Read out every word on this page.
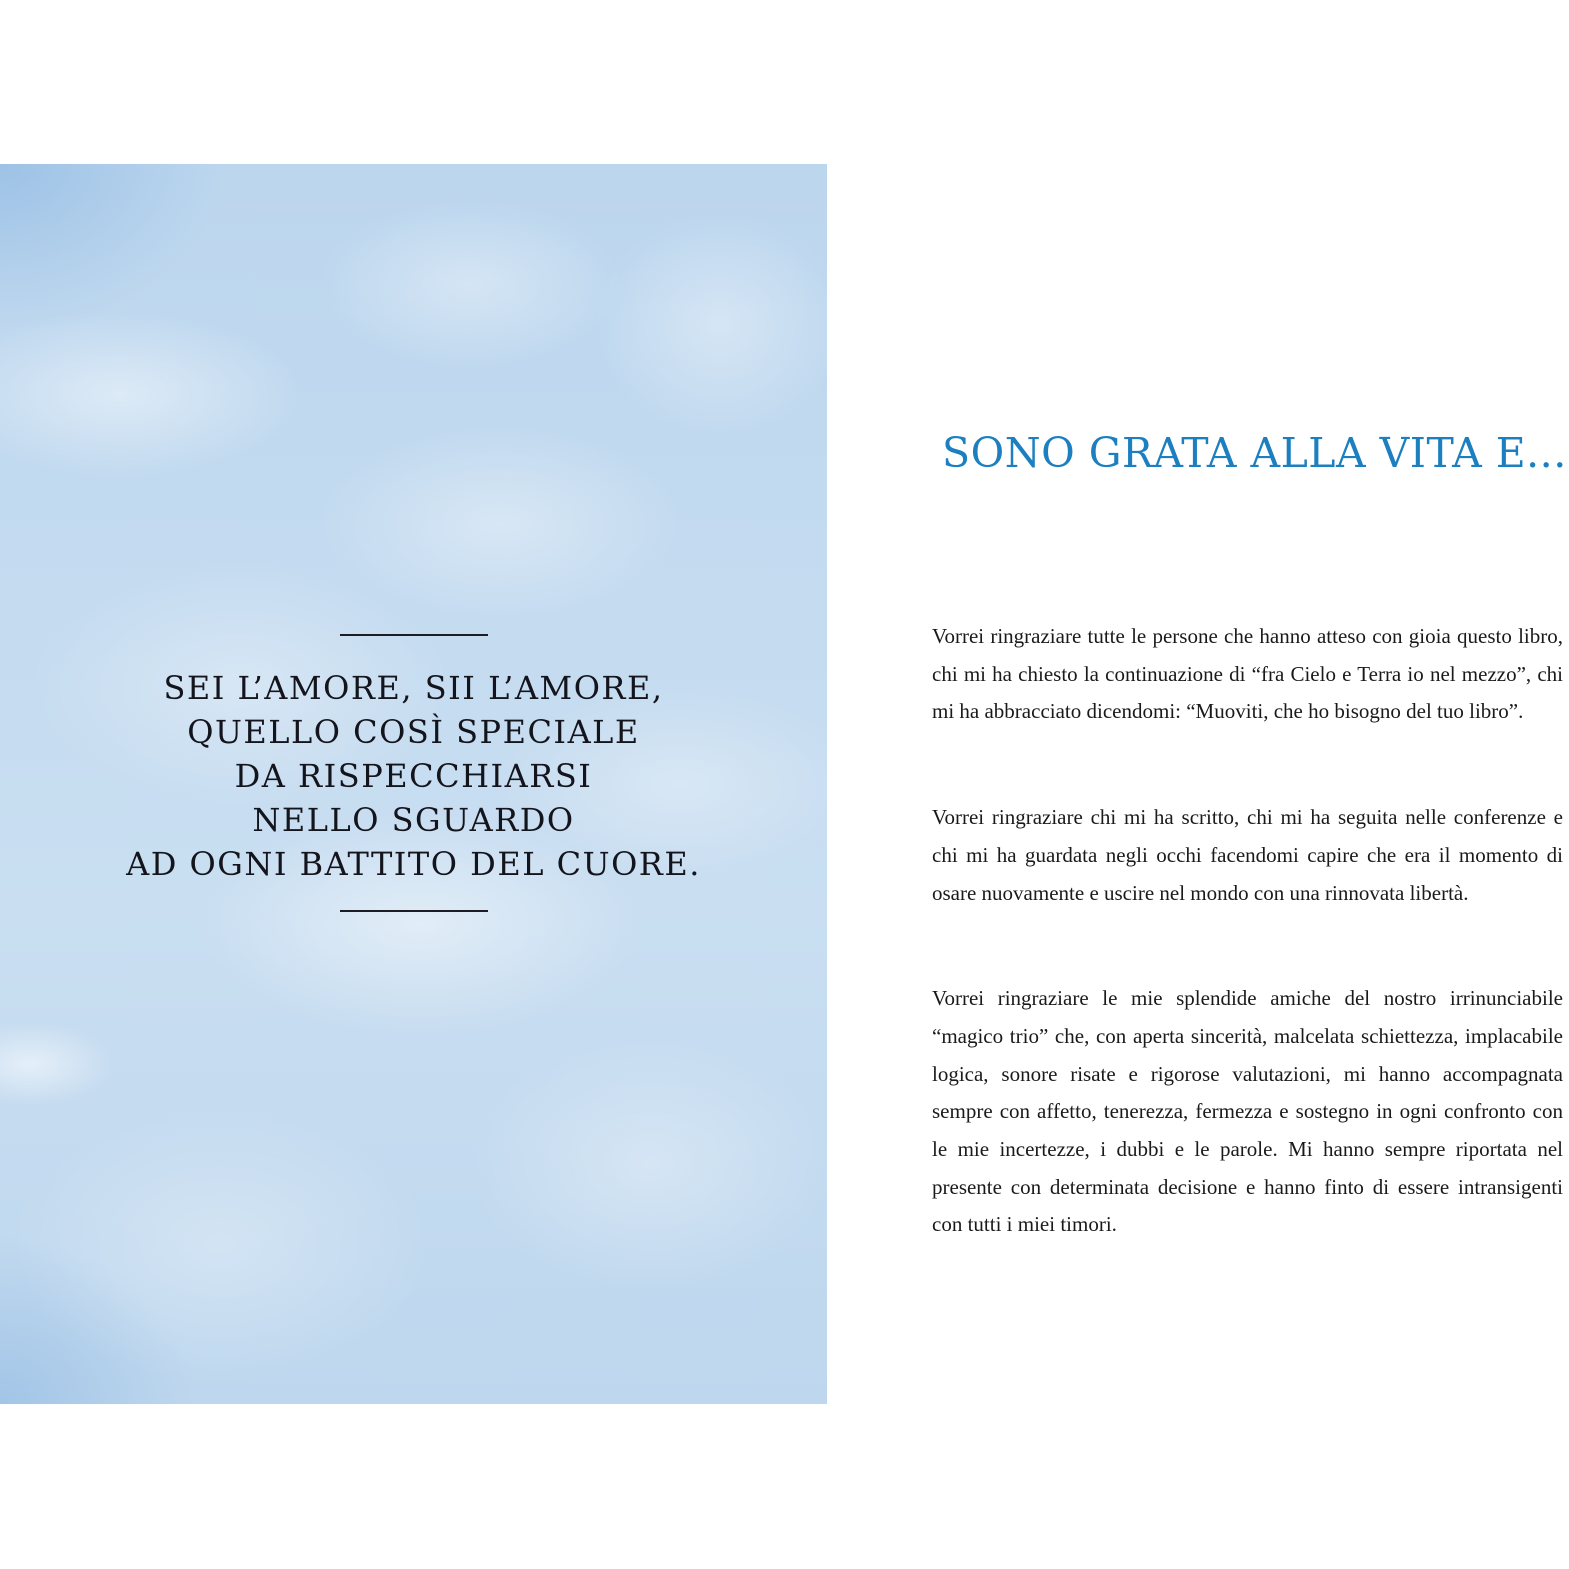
SEI L’AMORE, SII L’AMORE,
QUELLO COSÌ SPECIALE
DA RISPECCHIARSI
NELLO SGUARDO
AD OGNI BATTITO DEL CUORE.

SONO GRATA ALLA VITA E...

Vorrei ringraziare tutte le persone che hanno atteso con gioia questo libro, chi mi ha chiesto la continuazione di “fra Cielo e Terra io nel mezzo”, chi mi ha abbracciato dicendomi: “Muoviti, che ho bisogno del tuo libro”.

Vorrei ringraziare chi mi ha scritto, chi mi ha seguita nelle conferenze e chi mi ha guardata negli occhi facendomi capire che era il momento di osare nuovamente e uscire nel mondo con una rinnovata libertà.

Vorrei ringraziare le mie splendide amiche del nostro irrinunciabile “magico trio” che, con aperta sincerità, malcelata schiettezza, implacabile logica, sonore risate e rigorose valutazioni, mi hanno accompagnata sempre con affetto, tenerezza, fermezza e sostegno in ogni confronto con le mie incertezze, i dubbi e le parole. Mi hanno sempre riportata nel presente con determinata decisione e hanno finto di essere intransigenti con tutti i miei timori.
